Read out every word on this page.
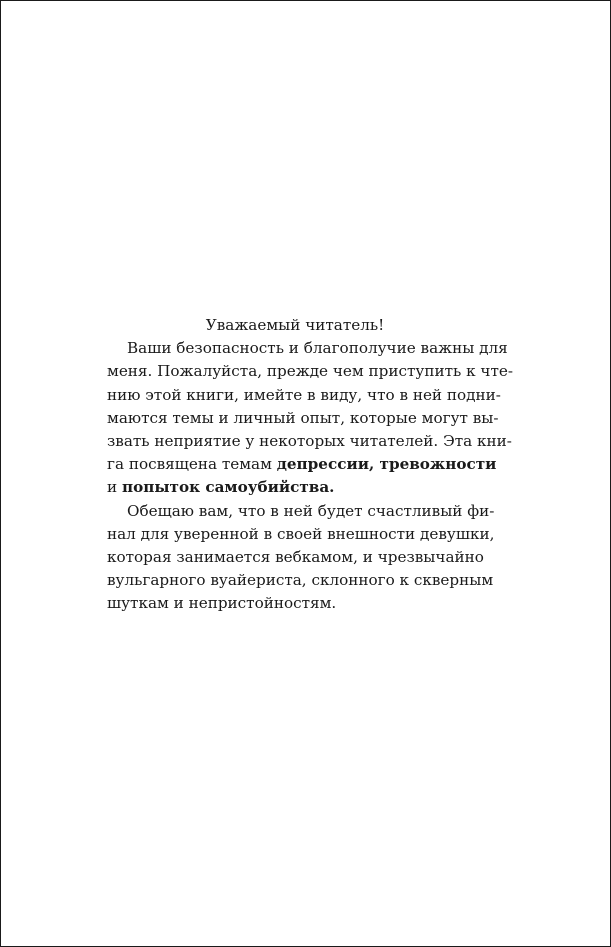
Уважаемый читатель!
Ваши безопасность и благополучие важны для
меня. Пожалуйста, прежде чем приступить к чте-
нию этой книги, имейте в виду, что в ней подни-
маются темы и личный опыт, которые могут вы-
звать неприятие у некоторых читателей. Эта кни-
га посвящена темам депрессии, тревожности
и попыток самоубийства.
Обещаю вам, что в ней будет счастливый фи-
нал для уверенной в своей внешности девушки,
которая занимается вебкамом, и чрезвычайно
вульгарного вуайериста, склонного к скверным
шуткам и непристойностям.
